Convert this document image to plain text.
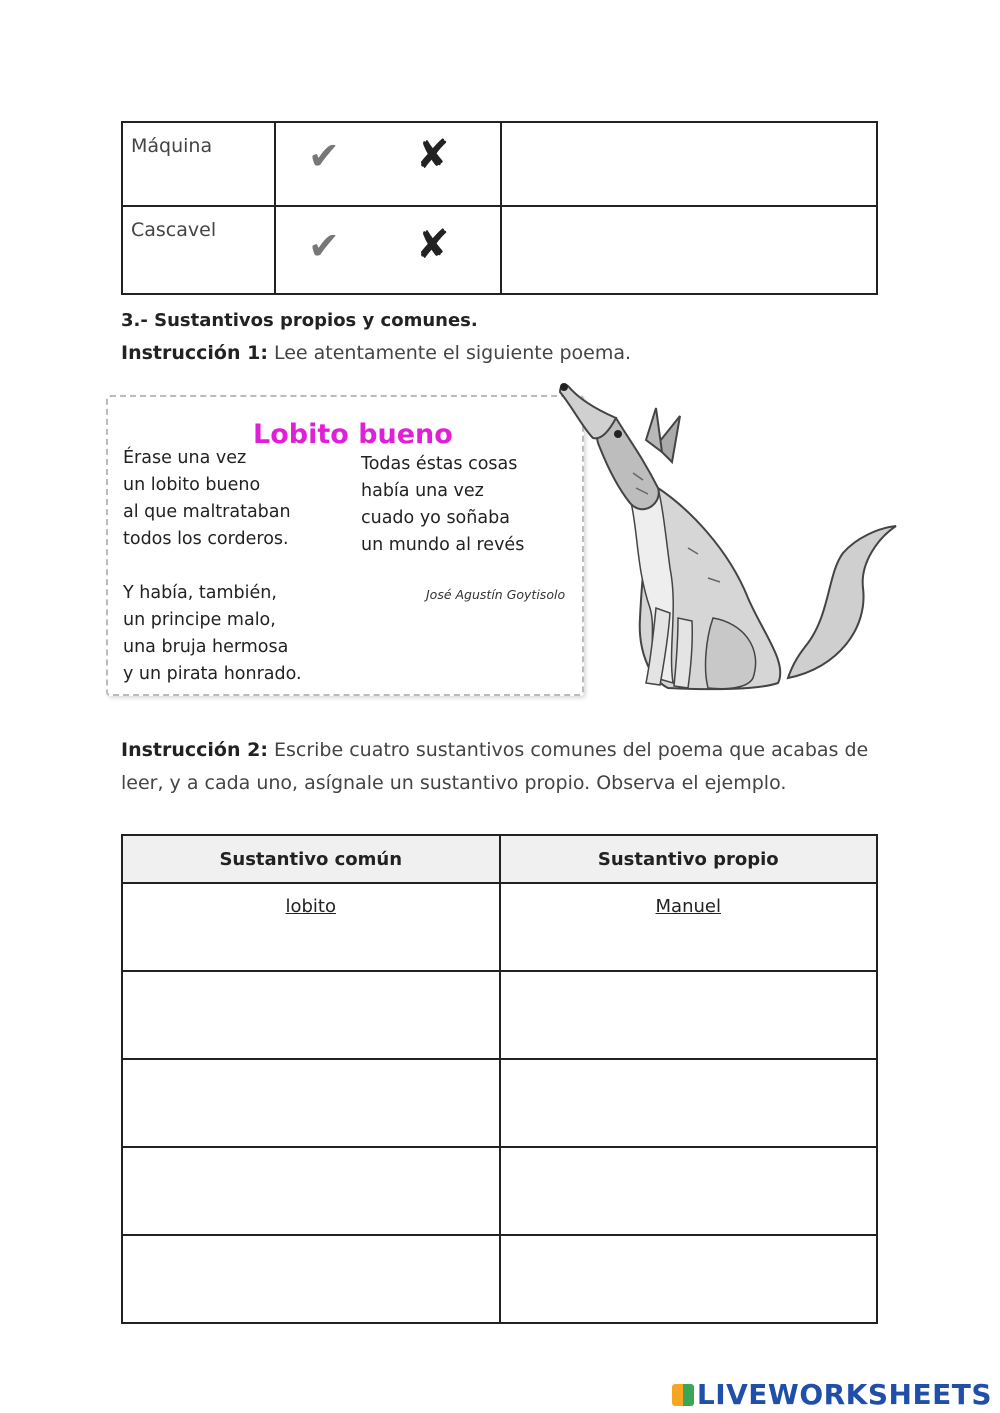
Máquina	✔ ✘	

Cascavel	✔ ✘	

3.- Sustantivos propios y comunes.
Instrucción 1: Lee atentamente el siguiente poema.
Lobito bueno
Érase una vez
un lobito bueno
al que maltrataban
todos los corderos.
Y había, también,
un principe malo,
una bruja hermosa
y un pirata honrado.
Todas éstas cosas
había una vez
cuado yo soñaba
un mundo al revés
José Agustín Goytisolo
Instrucción 2: Escribe cuatro sustantivos comunes del poema que acabas de leer, y a cada uno, asígnale un sustantivo propio. Observa el ejemplo.
Sustantivo común	Sustantivo propio
lobito	Manuel

LIVEWORKSHEETS
